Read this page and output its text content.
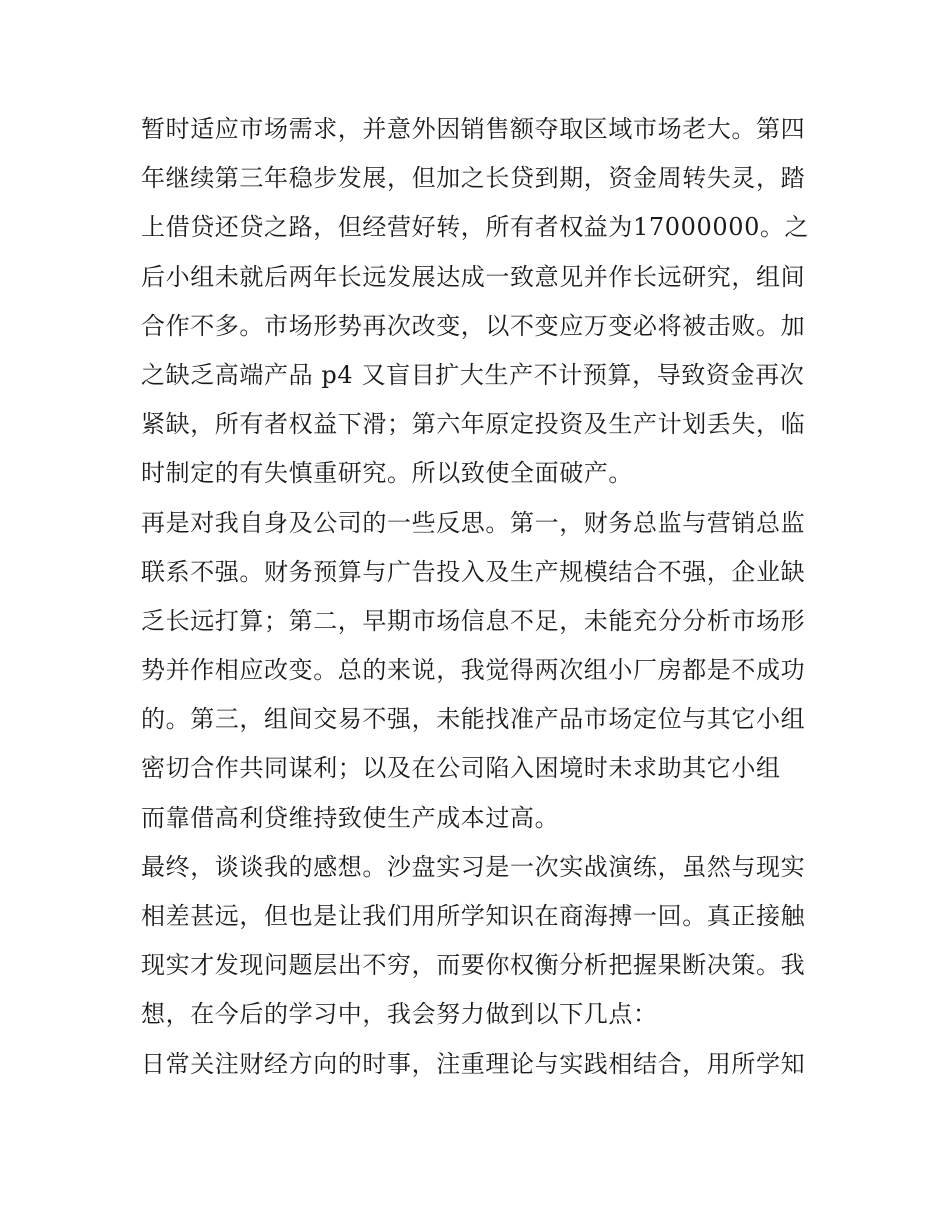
暂时适应市场需求，并意外因销售额夺取区域市场老大。第四
年继续第三年稳步发展，但加之长贷到期，资金周转失灵，踏
上借贷还贷之路，但经营好转，所有者权益为17000000。之
后小组未就后两年长远发展达成一致意见并作长远研究，组间
合作不多。市场形势再次改变，以不变应万变必将被击败。加
之缺乏高端产品 p4 又盲目扩大生产不计预算，导致资金再次
紧缺，所有者权益下滑；第六年原定投资及生产计划丢失，临
时制定的有失慎重研究。所以致使全面破产。
再是对我自身及公司的一些反思。第一，财务总监与营销总监
联系不强。财务预算与广告投入及生产规模结合不强，企业缺
乏长远打算；第二，早期市场信息不足，未能充分分析市场形
势并作相应改变。总的来说，我觉得两次组小厂房都是不成功
的。第三，组间交易不强，未能找准产品市场定位与其它小组
密切合作共同谋利；以及在公司陷入困境时未求助其它小组
而靠借高利贷维持致使生产成本过高。
最终，谈谈我的感想。沙盘实习是一次实战演练，虽然与现实
相差甚远，但也是让我们用所学知识在商海搏一回。真正接触
现实才发现问题层出不穷，而要你权衡分析把握果断决策。我
想，在今后的学习中，我会努力做到以下几点：
日常关注财经方向的时事，注重理论与实践相结合，用所学知
